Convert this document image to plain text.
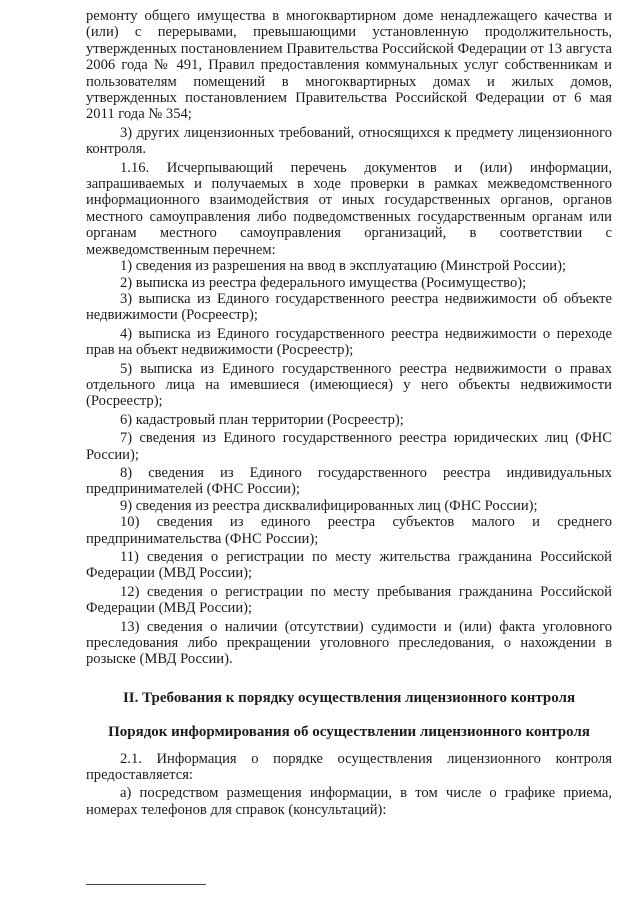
ремонту общего имущества в многоквартирном доме ненадлежащего качества и (или) с перерывами, превышающими установленную продолжительность, утвержденных постановлением Правительства Российской Федерации от 13 августа 2006 года № 491, Правил предоставления коммунальных услуг собственникам и пользователям помещений в многоквартирных домах и жилых домов, утвержденных постановлением Правительства Российской Федерации от 6 мая 2011 года № 354;

3) других лицензионных требований, относящихся к предмету лицензионного контроля.

1.16. Исчерпывающий перечень документов и (или) информации, запрашиваемых и получаемых в ходе проверки в рамках межведомственного информационного взаимодействия от иных государственных органов, органов местного самоуправления либо подведомственных государственным органам или органам местного самоуправления организаций, в соответствии с межведомственным перечнем:

1) сведения из разрешения на ввод в эксплуатацию (Минстрой России);

2) выписка из реестра федерального имущества (Росимущество);

3) выписка из Единого государственного реестра недвижимости об объекте недвижимости (Росреестр);

4) выписка из Единого государственного реестра недвижимости о переходе прав на объект недвижимости (Росреестр);

5) выписка из Единого государственного реестра недвижимости о правах отдельного лица на имевшиеся (имеющиеся) у него объекты недвижимости (Росреестр);

6) кадастровый план территории (Росреестр);

7) сведения из Единого государственного реестра юридических лиц (ФНС России);

8) сведения из Единого государственного реестра индивидуальных предпринимателей (ФНС России);

9) сведения из реестра дисквалифицированных лиц (ФНС России);

10) сведения из единого реестра субъектов малого и среднего предпринимательства (ФНС России);

11) сведения о регистрации по месту жительства гражданина Российской Федерации (МВД России);

12) сведения о регистрации по месту пребывания гражданина Российской Федерации (МВД России);

13) сведения о наличии (отсутствии) судимости и (или) факта уголовного преследования либо прекращении уголовного преследования, о нахождении в розыске (МВД России).

II. Требования к порядку осуществления лицензионного контроля
Порядок информирования об осуществлении лицензионного контроля

2.1. Информация о порядке осуществления лицензионного контроля предоставляется:

а) посредством размещения информации, в том числе о графике приема, номерах телефонов для справок (консультаций):
